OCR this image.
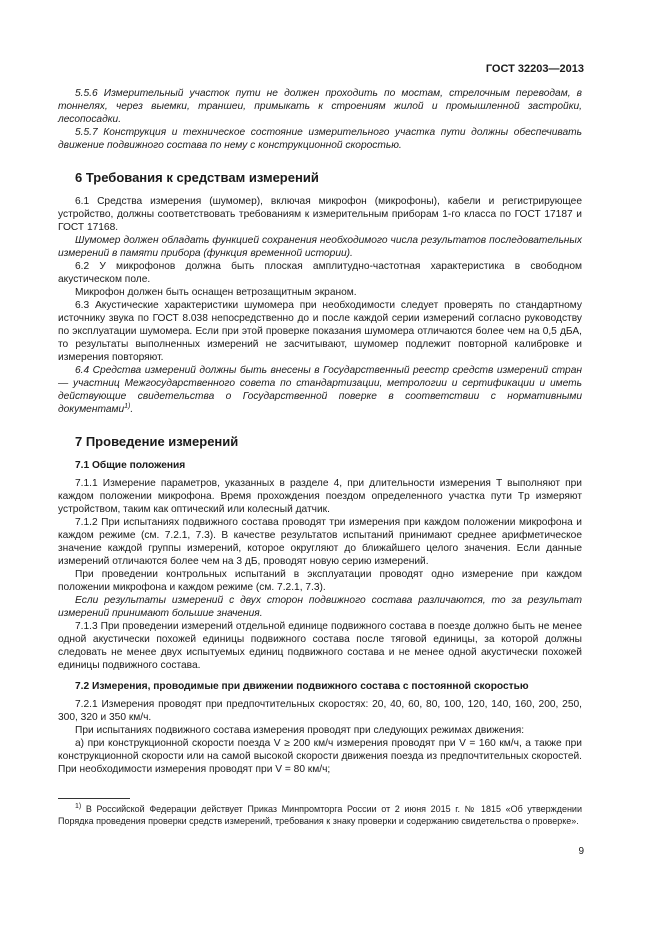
ГОСТ 32203—2013

5.5.6 Измерительный участок пути не должен проходить по мостам, стрелочным переводам, в тоннелях, через выемки, траншеи, примыкать к строениям жилой и промышленной застройки, лесопосадки.

5.5.7 Конструкция и техническое состояние измерительного участка пути должны обеспечивать движение подвижного состава по нему с конструкционной скоростью.

6 Требования к средствам измерений

6.1 Средства измерения (шумомер), включая микрофон (микрофоны), кабели и регистрирующее устройство, должны соответствовать требованиям к измерительным приборам 1-го класса по ГОСТ 17187 и ГОСТ 17168.

Шумомер должен обладать функцией сохранения необходимого числа результатов последовательных измерений в памяти прибора (функция временной истории).

6.2 У микрофонов должна быть плоская амплитудно-частотная характеристика в свободном акустическом поле.

Микрофон должен быть оснащен ветрозащитным экраном.

6.3 Акустические характеристики шумомера при необходимости следует проверять по стандартному источнику звука по ГОСТ 8.038 непосредственно до и после каждой серии измерений согласно руководству по эксплуатации шумомера. Если при этой проверке показания шумомера отличаются более чем на 0,5 дБА, то результаты выполненных измерений не засчитывают, шумомер подлежит повторной калибровке и измерения повторяют.

6.4 Средства измерений должны быть внесены в Государственный реестр средств измерений стран — участниц Межгосударственного совета по стандартизации, метрологии и сертификации и иметь действующие свидетельства о Государственной поверке в соответствии с нормативными документами$^{1)}$.

7 Проведение измерений
7.1 Общие положения

7.1.1 Измерение параметров, указанных в разделе 4, при длительности измерения T выполняют при каждом положении микрофона. Время прохождения поездом определенного участка пути Tp измеряют устройством, таким как оптический или колесный датчик.

7.1.2 При испытаниях подвижного состава проводят три измерения при каждом положении микрофона и каждом режиме (см. 7.2.1, 7.3). В качестве результатов испытаний принимают среднее арифметическое значение каждой группы измерений, которое округляют до ближайшего целого значения. Если данные измерений отличаются более чем на 3 дБ, проводят новую серию измерений.

При проведении контрольных испытаний в эксплуатации проводят одно измерение при каждом положении микрофона и каждом режиме (см. 7.2.1, 7.3).

Если результаты измерений с двух сторон подвижного состава различаются, то за результат измерений принимают большие значения.

7.1.3 При проведении измерений отдельной единице подвижного состава в поезде должно быть не менее одной акустически похожей единицы подвижного состава после тяговой единицы, за которой должны следовать не менее двух испытуемых единиц подвижного состава и не менее одной акустически похожей единицы подвижного состава.

7.2 Измерения, проводимые при движении подвижного состава с постоянной скоростью

7.2.1 Измерения проводят при предпочтительных скоростях: 20, 40, 60, 80, 100, 120, 140, 160, 200, 250, 300, 320 и 350 км/ч.

При испытаниях подвижного состава измерения проводят при следующих режимах движения:

а) при конструкционной скорости поезда V ≥ 200 км/ч измерения проводят при V = 160 км/ч, а также при конструкционной скорости или на самой высокой скорости движения поезда из предпочтительных скоростей. При необходимости измерения проводят при V = 80 км/ч;

$^{1)}$ В Российской Федерации действует Приказ Минпромторга России от 2 июня 2015 г. № 1815 «Об утверждении Порядка проведения проверки средств измерений, требования к знаку проверки и содержанию свидетельства о проверке».

9
